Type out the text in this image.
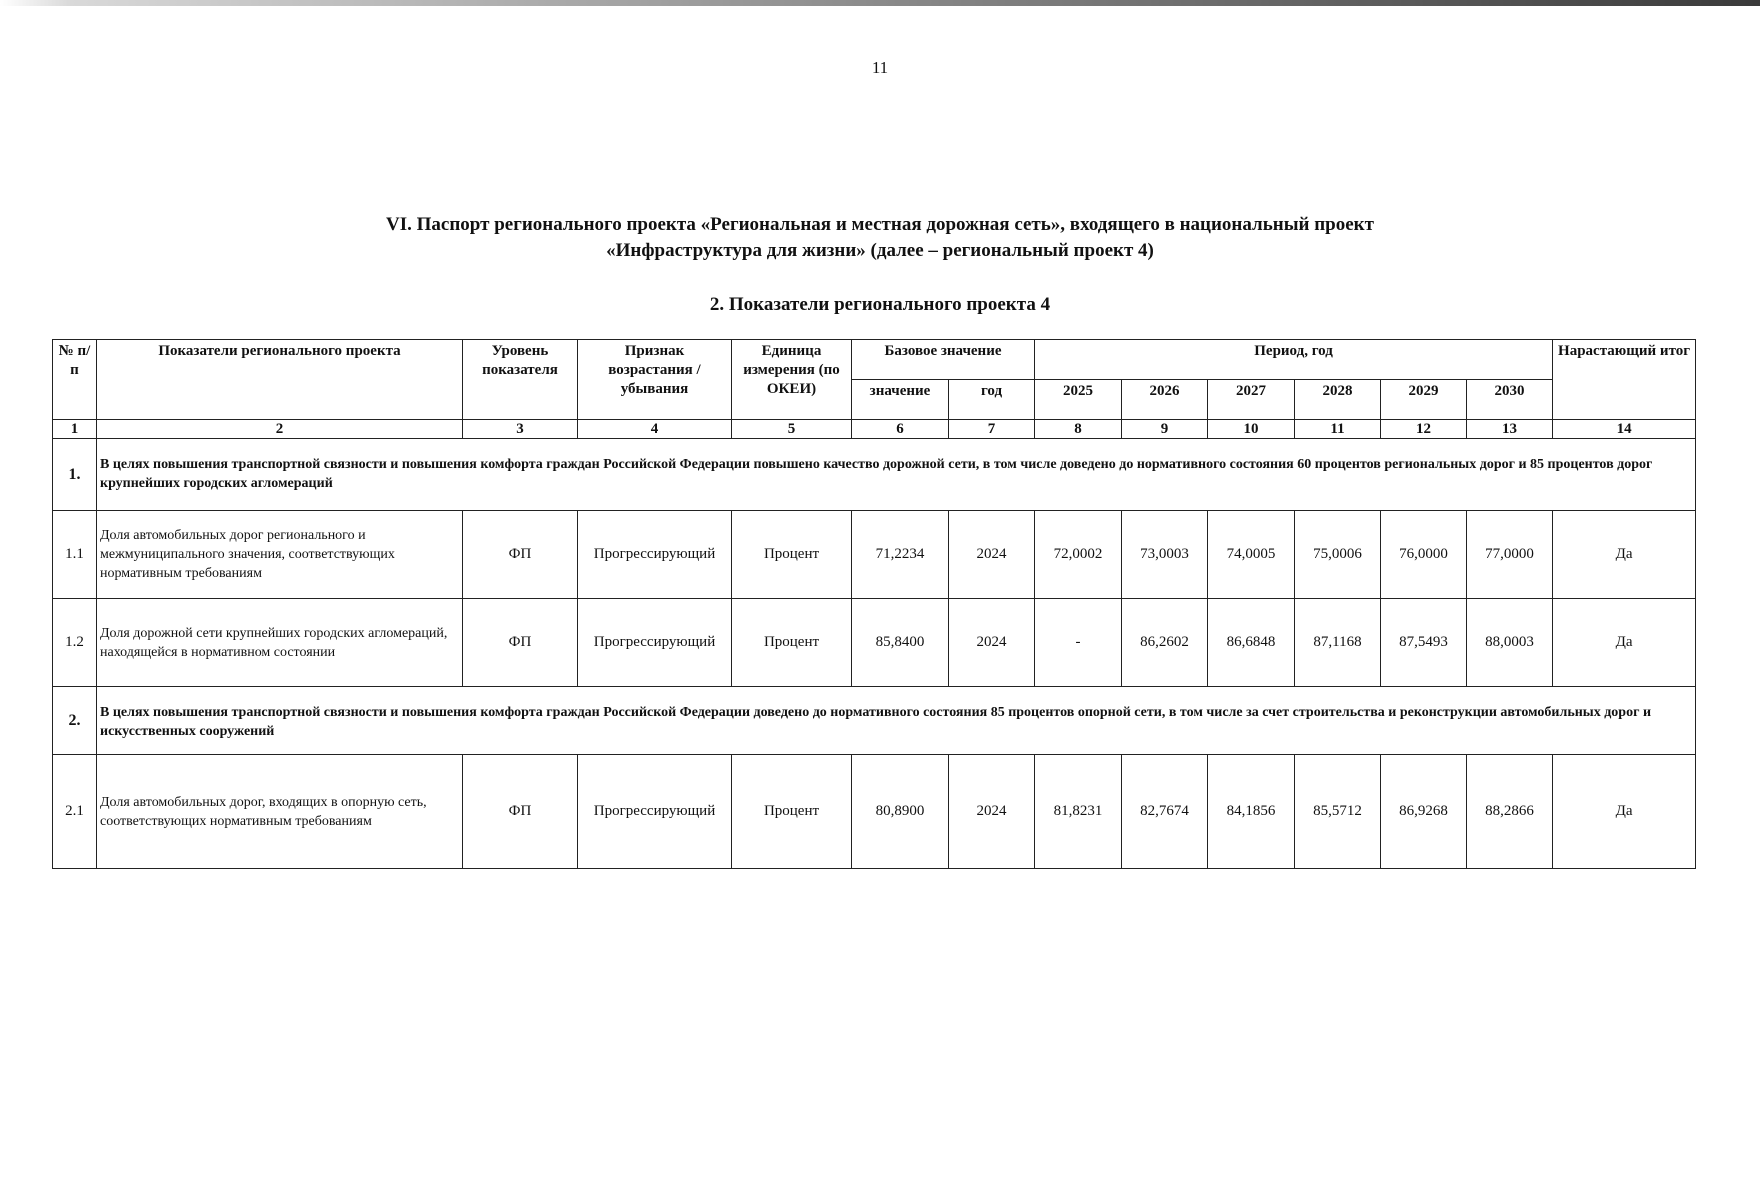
11
VI. Паспорт регионального проекта «Региональная и местная дорожная сеть», входящего в национальный проект
«Инфраструктура для жизни» (далее – региональный проект 4)
2. Показатели регионального проекта 4
№ п/п	Показатели регионального проекта	Уровень показателя	Признак возрастания / убывания	Единица измерения (по ОКЕИ)	Базовое значение		Период, год						Нарастающий итог
					значение	год	2025	2026	2027	2028	2029	2030	
1	2	3	4	5	6	7	8	9	10	11	12	13	14
1.	В целях повышения транспортной связности и повышения комфорта граждан Российской Федерации повышено качество дорожной сети, в том числе доведено до нормативного состояния 60 процентов региональных дорог и 85 процентов дорог крупнейших городских агломераций												

1.1	Доля автомобильных дорог регионального и межмуниципального значения, соответствующих нормативным требованиям	ФП	Прогрессирующий	Процент	71,2234	2024	72,0002	73,0003	74,0005	75,0006	76,0000	77,0000	Да
1.2	Доля дорожной сети крупнейших городских агломераций, находящейся в нормативном состоянии	ФП	Прогрессирующий	Процент	85,8400	2024	-	86,2602	86,6848	87,1168	87,5493	88,0003	Да
2.	В целях повышения транспортной связности и повышения комфорта граждан Российской Федерации доведено до нормативного состояния 85 процентов опорной сети, в том числе за счет строительства и реконструкции автомобильных дорог и искусственных сооружений												

2.1	Доля автомобильных дорог, входящих в опорную сеть, соответствующих нормативным требованиям	ФП	Прогрессирующий	Процент	80,8900	2024	81,8231	82,7674	84,1856	85,5712	86,9268	88,2866	Да
